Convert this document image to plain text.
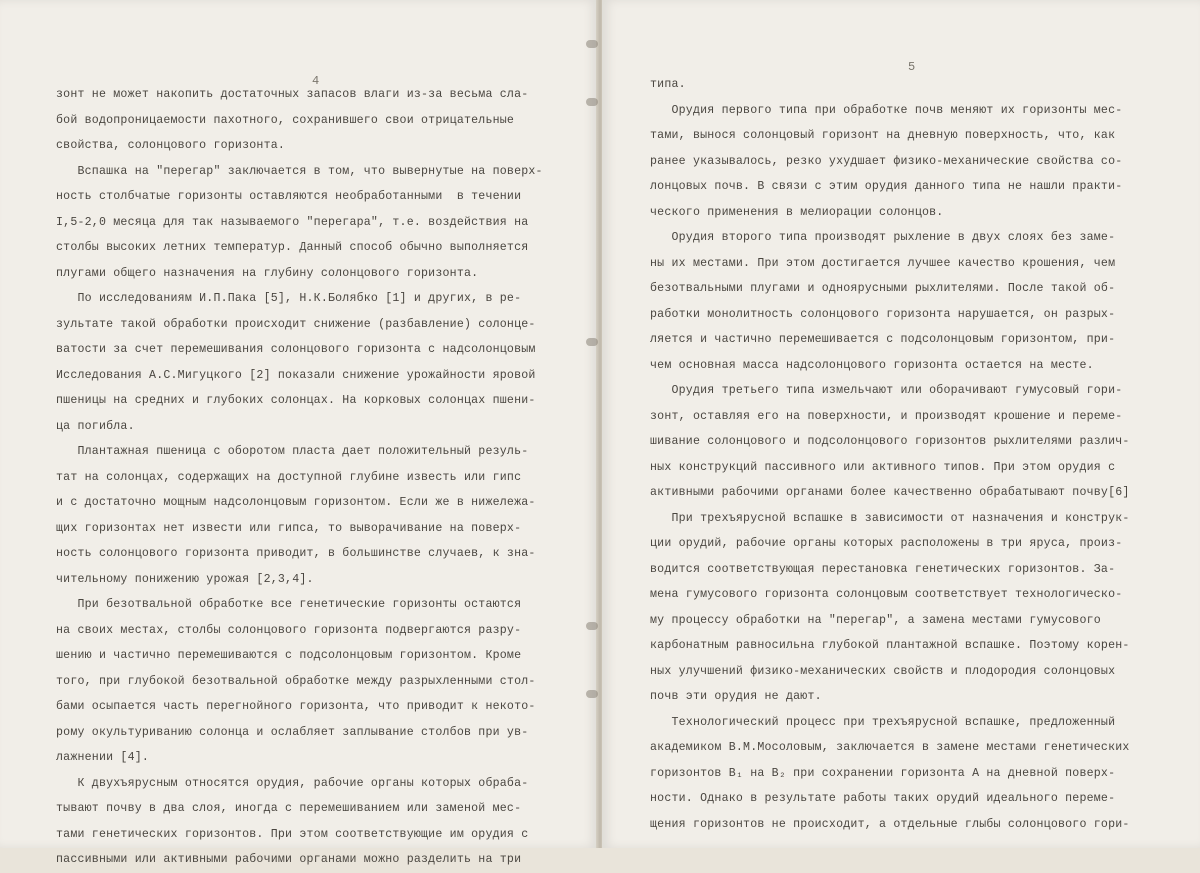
4
зонт не может накопить достаточных запасов влаги из-за весьма сла-
бой водопроницаемости пахотного, сохранившего свои отрицательные
свойства, солонцового горизонта.
Вспашка на "перегар" заключается в том, что вывернутые на поверх-
ность столбчатые горизонты оставляются необработанными  в течении
I,5-2,0 месяца для так называемого "перегара", т.е. воздействия на
столбы высоких летних температур. Данный способ обычно выполняется
плугами общего назначения на глубину солонцового горизонта.
По исследованиям И.П.Пака [5], Н.К.Болябко [1] и других, в ре-
зультате такой обработки происходит снижение (разбавление) солонце-
ватости за счет перемешивания солонцового горизонта с надсолонцовым
Исследования А.С.Мигуцкого [2] показали снижение урожайности яровой
пшеницы на средних и глубоких солонцах. На корковых солонцах пшени-
ца погибла.
Плантажная пшеница с оборотом пласта дает положительный резуль-
тат на солонцах, содержащих на доступной глубине известь или гипс
и с достаточно мощным надсолонцовым горизонтом. Если же в нижележа-
щих горизонтах нет извести или гипса, то выворачивание на поверх-
ность солонцового горизонта приводит, в большинстве случаев, к зна-
чительному понижению урожая [2,3,4].
При безотвальной обработке все генетические горизонты остаются
на своих местах, столбы солонцового горизонта подвергаются разру-
шению и частично перемешиваются с подсолонцовым горизонтом. Кроме
того, при глубокой безотвальной обработке между разрыхленными стол-
бами осыпается часть перегнойного горизонта, что приводит к некото-
рому окультуриванию солонца и ослабляет заплывание столбов при ув-
лажнении [4].
К двухъярусным относятся орудия, рабочие органы которых обраба-
тывают почву в два слоя, иногда с перемешиванием или заменой мес-
тами генетических горизонтов. При этом соответствующие им орудия с
пассивными или активными рабочими органами можно разделить на три
5
типа.
Орудия первого типа при обработке почв меняют их горизонты мес-
тами, вынося солонцовый горизонт на дневную поверхность, что, как
ранее указывалось, резко ухудшает физико-механические свойства со-
лонцовых почв. В связи с этим орудия данного типа не нашли практи-
ческого применения в мелиорации солонцов.
Орудия второго типа производят рыхление в двух слоях без заме-
ны их местами. При этом достигается лучшее качество крошения, чем
безотвальными плугами и одноярусными рыхлителями. После такой об-
работки монолитность солонцового горизонта нарушается, он разрых-
ляется и частично перемешивается с подсолонцовым горизонтом, при-
чем основная масса надсолонцового горизонта остается на месте.
Орудия третьего типа измельчают или оборачивают гумусовый гори-
зонт, оставляя его на поверхности, и производят крошение и переме-
шивание солонцового и подсолонцового горизонтов рыхлителями различ-
ных конструкций пассивного или активного типов. При этом орудия с
активными рабочими органами более качественно обрабатывают почву[6]
При трехъярусной вспашке в зависимости от назначения и конструк-
ции орудий, рабочие органы которых расположены в три яруса, произ-
водится соответствующая перестановка генетических горизонтов. За-
мена гумусового горизонта солонцовым соответствует технологическо-
му процессу обработки на "перегар", а замена местами гумусового
карбонатным равносильна глубокой плантажной вспашке. Поэтому корен-
ных улучшений физико-механических свойств и плодородия солонцовых
почв эти орудия не дают.
Технологический процесс при трехъярусной вспашке, предложенный
академиком В.М.Мосоловым, заключается в замене местами генетических
горизонтов B₁ на B₂ при сохранении горизонта А на дневной поверх-
ности. Однако в результате работы таких орудий идеального переме-
щения горизонтов не происходит, а отдельные глыбы солонцового гори-
